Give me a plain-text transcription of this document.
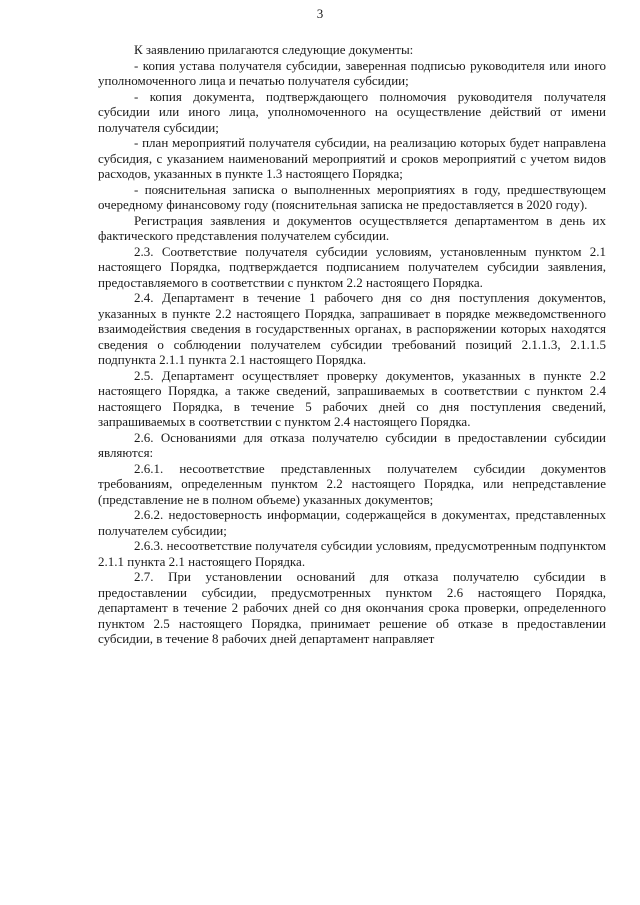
3

К заявлению прилагаются следующие документы:

- копия устава получателя субсидии, заверенная подписью руководителя или иного уполномоченного лица и печатью получателя субсидии;

- копия документа, подтверждающего полномочия руководителя получателя субсидии или иного лица, уполномоченного на осуществление действий от имени получателя субсидии;

- план мероприятий получателя субсидии, на реализацию которых будет направлена субсидия, с указанием наименований мероприятий и сроков мероприятий с учетом видов расходов, указанных в пункте 1.3 настоящего Порядка;

- пояснительная записка о выполненных мероприятиях в году, предшествующем очередному финансовому году (пояснительная записка не предоставляется в 2020 году).

Регистрация заявления и документов осуществляется департаментом в день их фактического представления получателем субсидии.

2.3. Соответствие получателя субсидии условиям, установленным пунктом 2.1 настоящего Порядка, подтверждается подписанием получателем субсидии заявления, предоставляемого в соответствии с пунктом 2.2 настоящего Порядка.

2.4. Департамент в течение 1 рабочего дня со дня поступления документов, указанных в пункте 2.2 настоящего Порядка, запрашивает в порядке межведомственного взаимодействия сведения в государственных органах, в распоряжении которых находятся сведения о соблюдении получателем субсидии требований позиций 2.1.1.3, 2.1.1.5 подпункта 2.1.1 пункта 2.1 настоящего Порядка.

2.5. Департамент осуществляет проверку документов, указанных в пункте 2.2 настоящего Порядка, а также сведений, запрашиваемых в соответствии с пунктом 2.4 настоящего Порядка, в течение 5 рабочих дней со дня поступления сведений, запрашиваемых в соответствии с пунктом 2.4 настоящего Порядка.

2.6. Основаниями для отказа получателю субсидии в предоставлении субсидии являются:

2.6.1. несоответствие представленных получателем субсидии документов требованиям, определенным пунктом 2.2 настоящего Порядка, или непредставление (представление не в полном объеме) указанных документов;

2.6.2. недостоверность информации, содержащейся в документах, представленных получателем субсидии;

2.6.3. несоответствие получателя субсидии условиям, предусмотренным подпунктом 2.1.1 пункта 2.1 настоящего Порядка.

2.7. При установлении оснований для отказа получателю субсидии в предоставлении субсидии, предусмотренных пунктом 2.6 настоящего Порядка, департамент в течение 2 рабочих дней со дня окончания срока проверки, определенного пунктом 2.5 настоящего Порядка, принимает решение об отказе в предоставлении субсидии, в течение 8 рабочих дней департамент направляет
